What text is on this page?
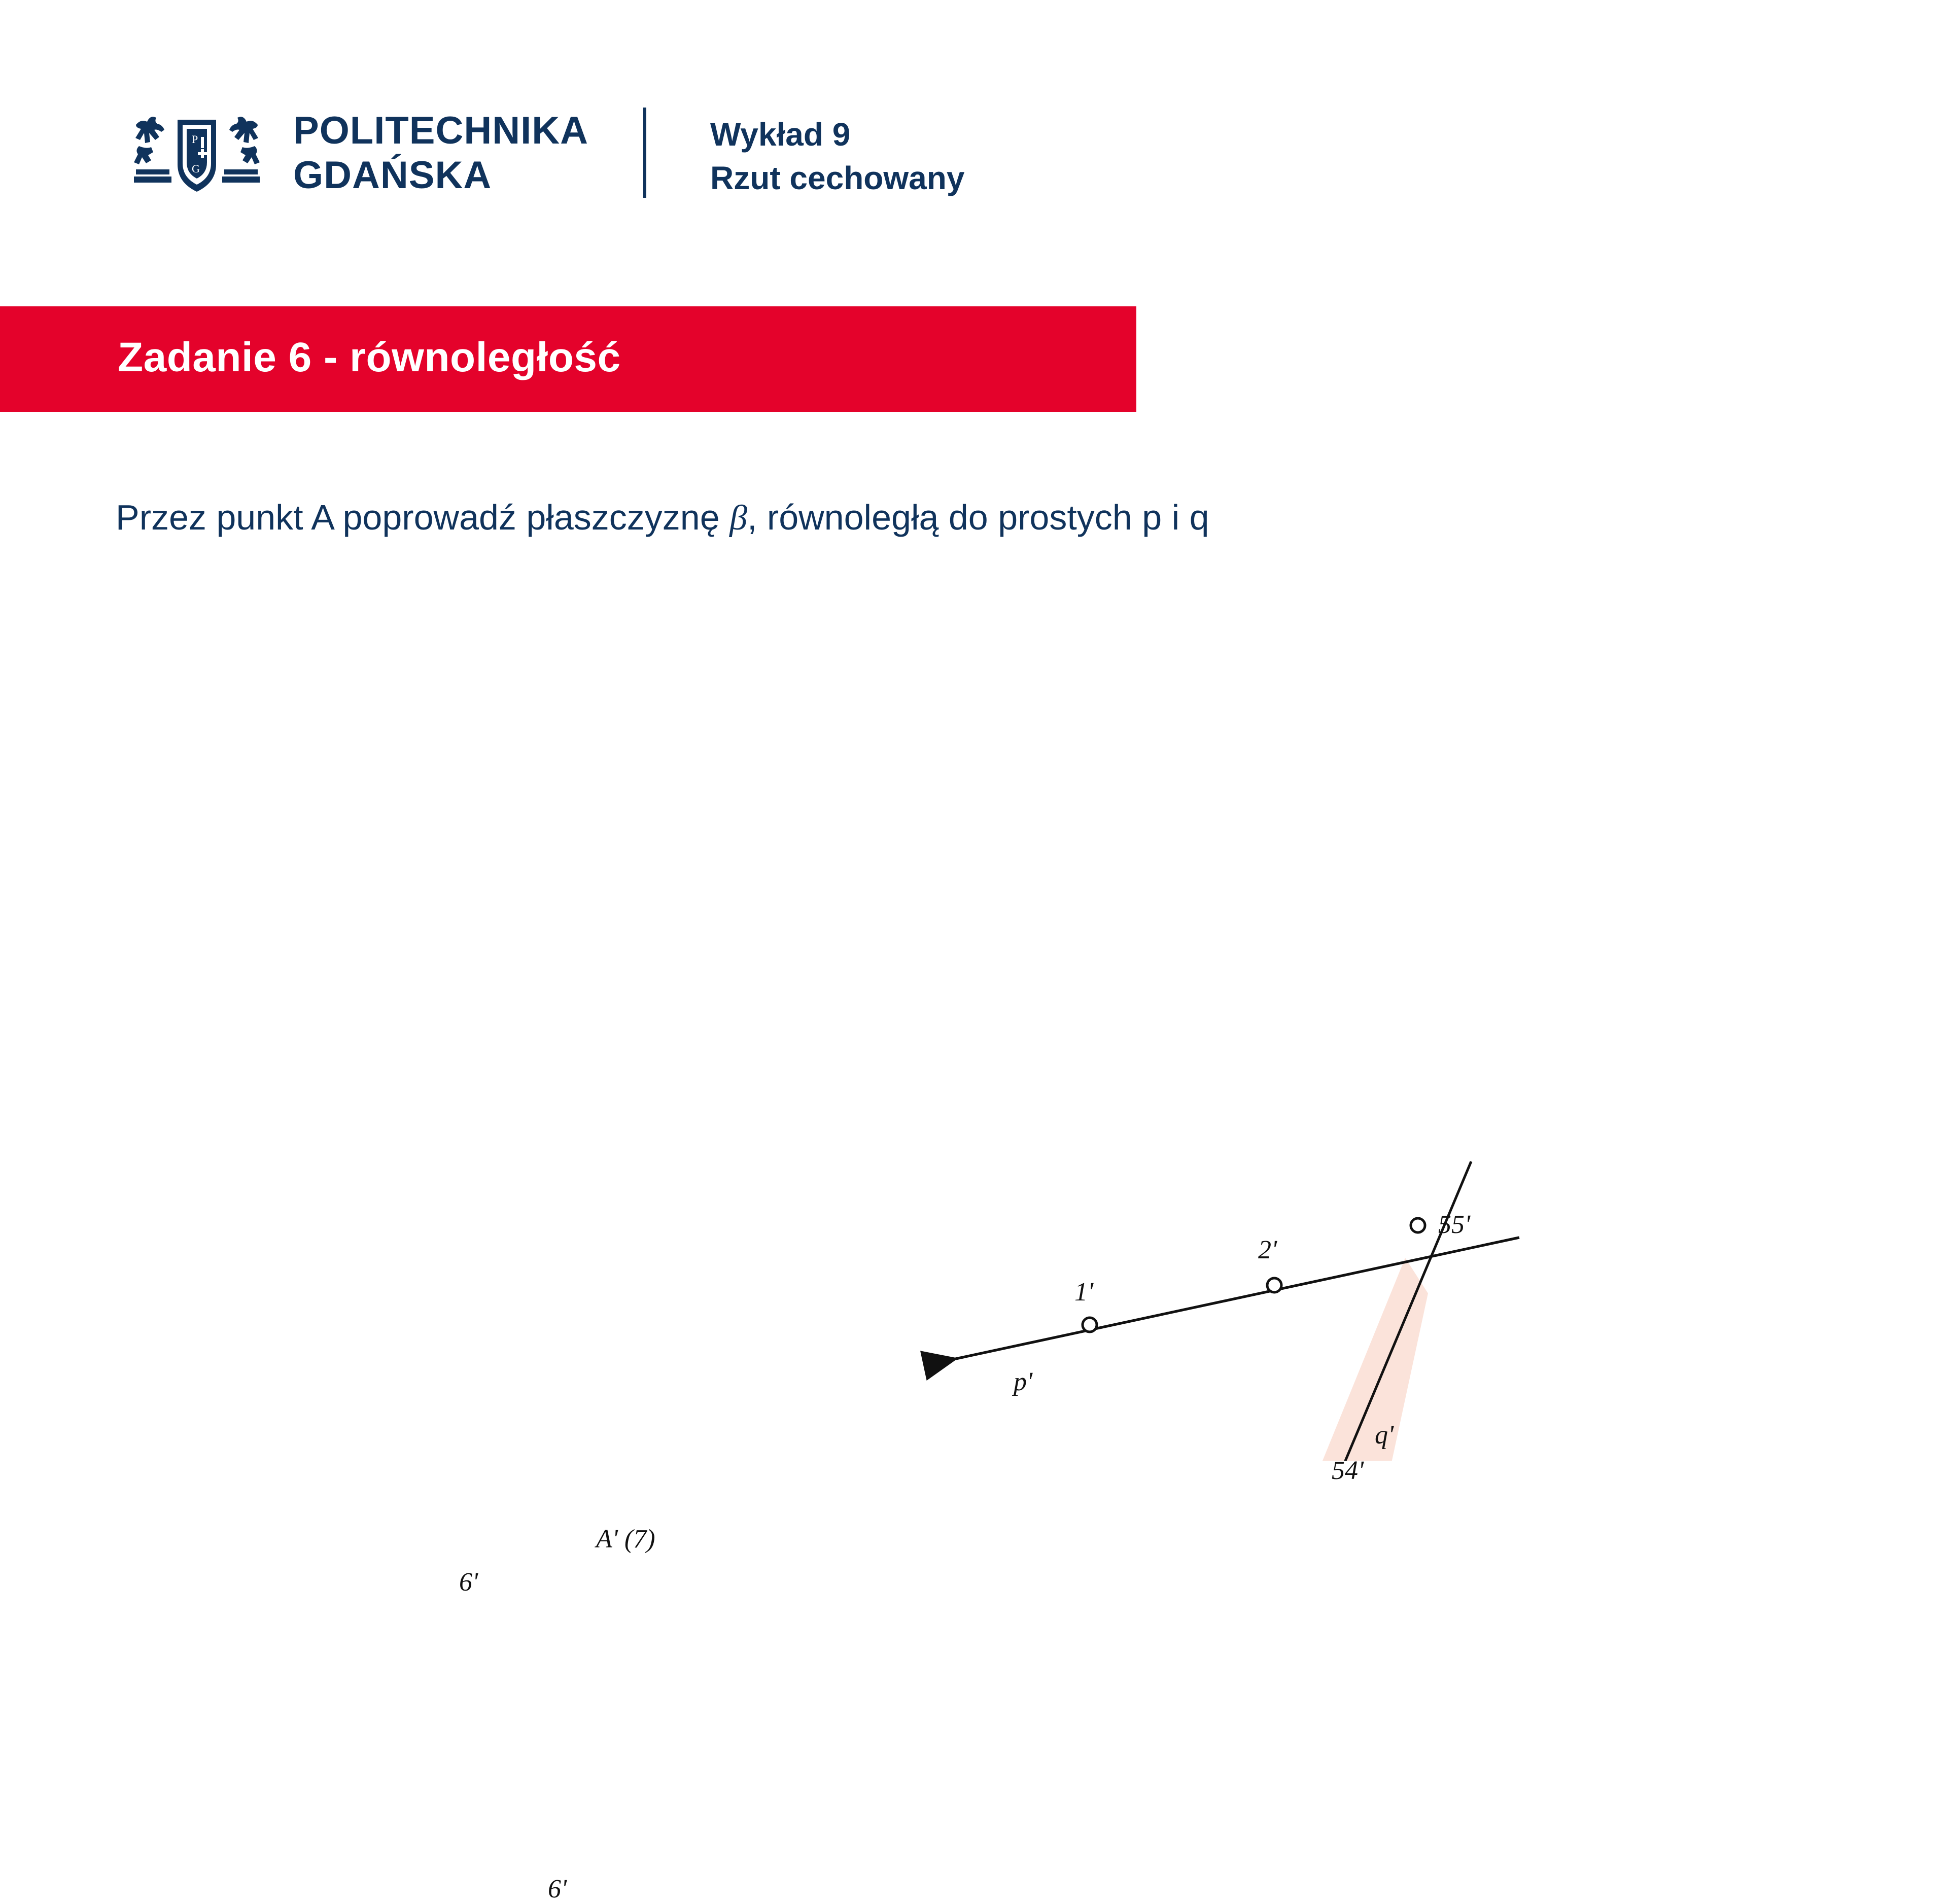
P
G
POLITECHNIKA
GDAŃSKA
Wykład 9
Rzut cechowany
Zadanie 6 - równoległość
Przez punkt A poprowadź płaszczyznę β, równoległą do prostych p i q
55'
2'
1'
p'
q'
54'
A' (7)
6'
6'
